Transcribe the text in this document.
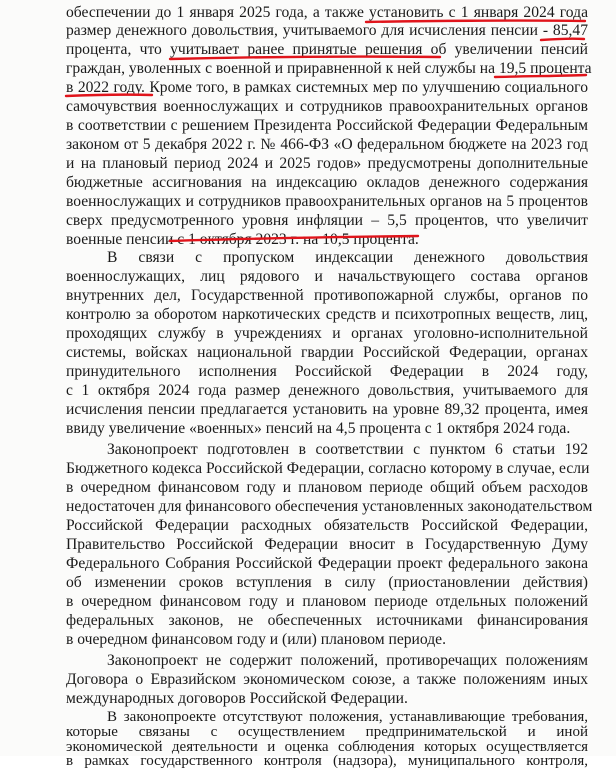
обеспечении до 1 января 2025 года, а также установить с 1 января 2024 года
размер денежного довольствия, учитываемого для исчисления пенсии - 85,47
процента, что учитывает ранее принятые решения об увеличении пенсий
граждан, уволенных с военной и приравненной к ней службы на 19,5 процента
в 2022 году. Кроме того, в рамках системных мер по улучшению социального
самочувствия военнослужащих и сотрудников правоохранительных органов
в соответствии с решением Президента Российской Федерации Федеральным
законом от 5 декабря 2022 г. № 466-ФЗ «О федеральном бюджете на 2023 год
и на плановый период 2024 и 2025 годов» предусмотрены дополнительные
бюджетные ассигнования на индексацию окладов денежного содержания
военнослужащих и сотрудников правоохранительных органов на 5 процентов
сверх предусмотренного уровня инфляции – 5,5 процентов, что увеличит
военные пенсии с 1 октября 2023 г. на 10,5 процента.
В связи с пропуском индексации денежного довольствия
военнослужащих, лиц рядового и начальствующего состава органов
внутренних дел, Государственной противопожарной службы, органов по
контролю за оборотом наркотических средств и психотропных веществ, лиц,
проходящих службу в учреждениях и органах уголовно-исполнительной
системы, войсках национальной гвардии Российской Федерации, органах
принудительного исполнения Российской Федерации в 2024 году,
с 1 октября 2024 года размер денежного довольствия, учитываемого для
исчисления пенсии предлагается установить на уровне 89,32 процента, имея
ввиду увеличение «военных» пенсий на 4,5 процента с 1 октября 2024 года.
Законопроект подготовлен в соответствии с пунктом 6 статьи 192
Бюджетного кодекса Российской Федерации, согласно которому в случае, если
в очередном финансовом году и плановом периоде общий объем расходов
недостаточен для финансового обеспечения установленных законодательством
Российской Федерации расходных обязательств Российской Федерации,
Правительство Российской Федерации вносит в Государственную Думу
Федерального Собрания Российской Федерации проект федерального закона
об изменении сроков вступления в силу (приостановлении действия)
в очередном финансовом году и плановом периоде отдельных положений
федеральных законов, не обеспеченных источниками финансирования
в очередном финансовом году и (или) плановом периоде.
Законопроект не содержит положений, противоречащих положениям
Договора о Евразийском экономическом союзе, а также положениям иных
международных договоров Российской Федерации.
В законопроекте отсутствуют положения, устанавливающие требования,
которые связаны с осуществлением предпринимательской и иной
экономической деятельности и оценка соблюдения которых осуществляется
в рамках государственного контроля (надзора), муниципального контроля,
